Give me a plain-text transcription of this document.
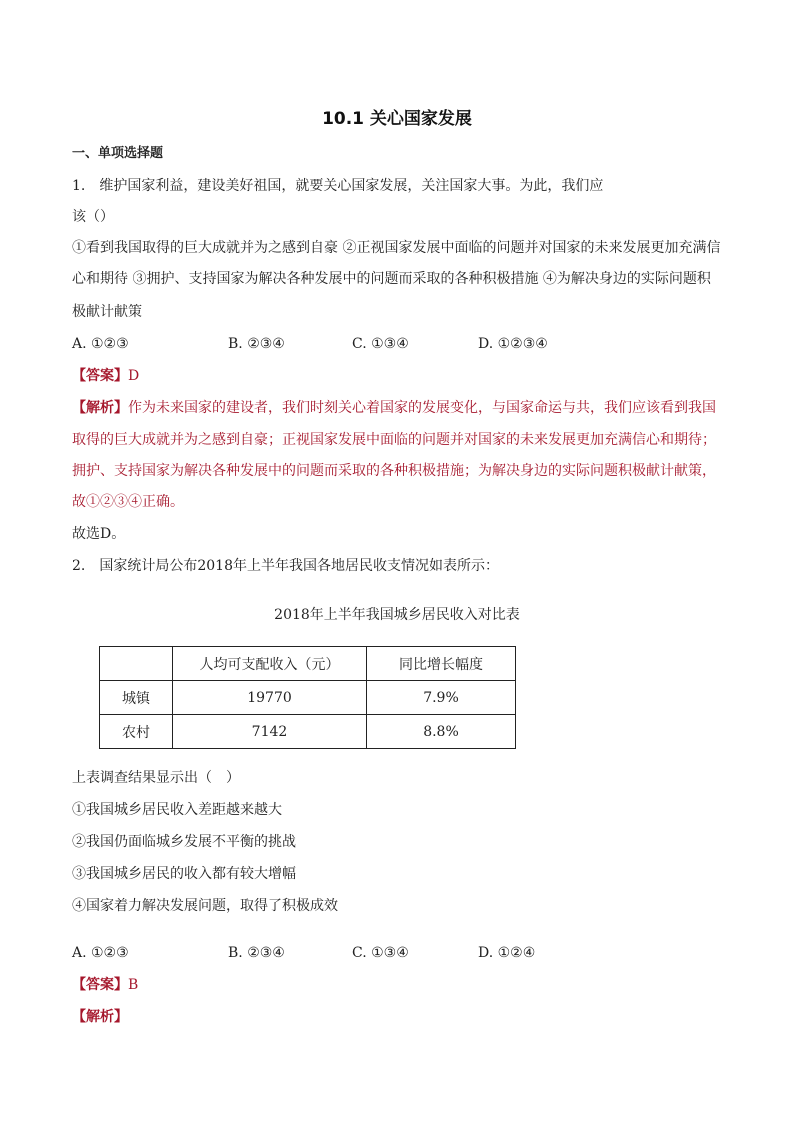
10.1 关心国家发展
一、单项选择题
1.　维护国家利益，建设美好祖国，就要关心国家发展，关注国家大事。为此，我们应
该（）
①看到我国取得的巨大成就并为之感到自豪 ②正视国家发展中面临的问题并对国家的未来发展更加充满信
心和期待 ③拥护、支持国家为解决各种发展中的问题而采取的各种积极措施 ④为解决身边的实际问题积
极献计献策
A. ①②③	B. ②③④	C. ①③④	D. ①②③④
【答案】D
【解析】作为未来国家的建设者，我们时刻关心着国家的发展变化，与国家命运与共，我们应该看到我国
取得的巨大成就并为之感到自豪；正视国家发展中面临的问题并对国家的未来发展更加充满信心和期待；
拥护、支持国家为解决各种发展中的问题而采取的各种积极措施；为解决身边的实际问题积极献计献策，
故①②③④正确。
故选D。
2.　国家统计局公布2018年上半年我国各地居民收支情况如表所示：
2018年上半年我国城乡居民收入对比表
	人均可支配收入（元）	同比增长幅度
城镇	19770	7.9%
农村	7142	8.8%
上表调查结果显示出（　）
①我国城乡居民收入差距越来越大
②我国仍面临城乡发展不平衡的挑战
③我国城乡居民的收入都有较大增幅
④国家着力解决发展问题，取得了积极成效
A. ①②③	B. ②③④	C. ①③④	D. ①②④
【答案】B
【解析】
